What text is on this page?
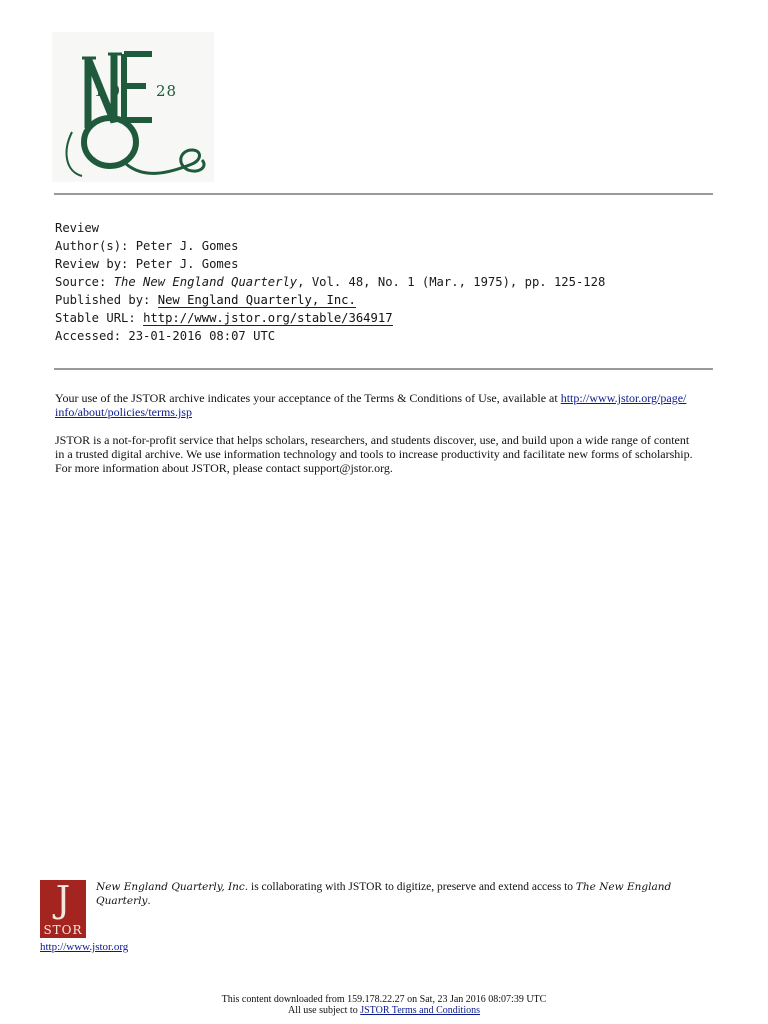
19 28
Review
Author(s): Peter J. Gomes
Review by: Peter J. Gomes
Source: The New England Quarterly, Vol. 48, No. 1 (Mar., 1975), pp. 125-128
Published by: New England Quarterly, Inc.
Stable URL: http://www.jstor.org/stable/364917
Accessed: 23-01-2016 08:07 UTC
Your use of the JSTOR archive indicates your acceptance of the Terms & Conditions of Use, available at http://www.jstor.org/page/
info/about/policies/terms.jsp
JSTOR is a not-for-profit service that helps scholars, researchers, and students discover, use, and build upon a wide range of content
in a trusted digital archive. We use information technology and tools to increase productivity and facilitate new forms of scholarship.
For more information about JSTOR, please contact support@jstor.org.
J
STOR
New England Quarterly, Inc. is collaborating with JSTOR to digitize, preserve and extend access to The New England
Quarterly.
http://www.jstor.org
This content downloaded from 159.178.22.27 on Sat, 23 Jan 2016 08:07:39 UTC
All use subject to JSTOR Terms and Conditions
